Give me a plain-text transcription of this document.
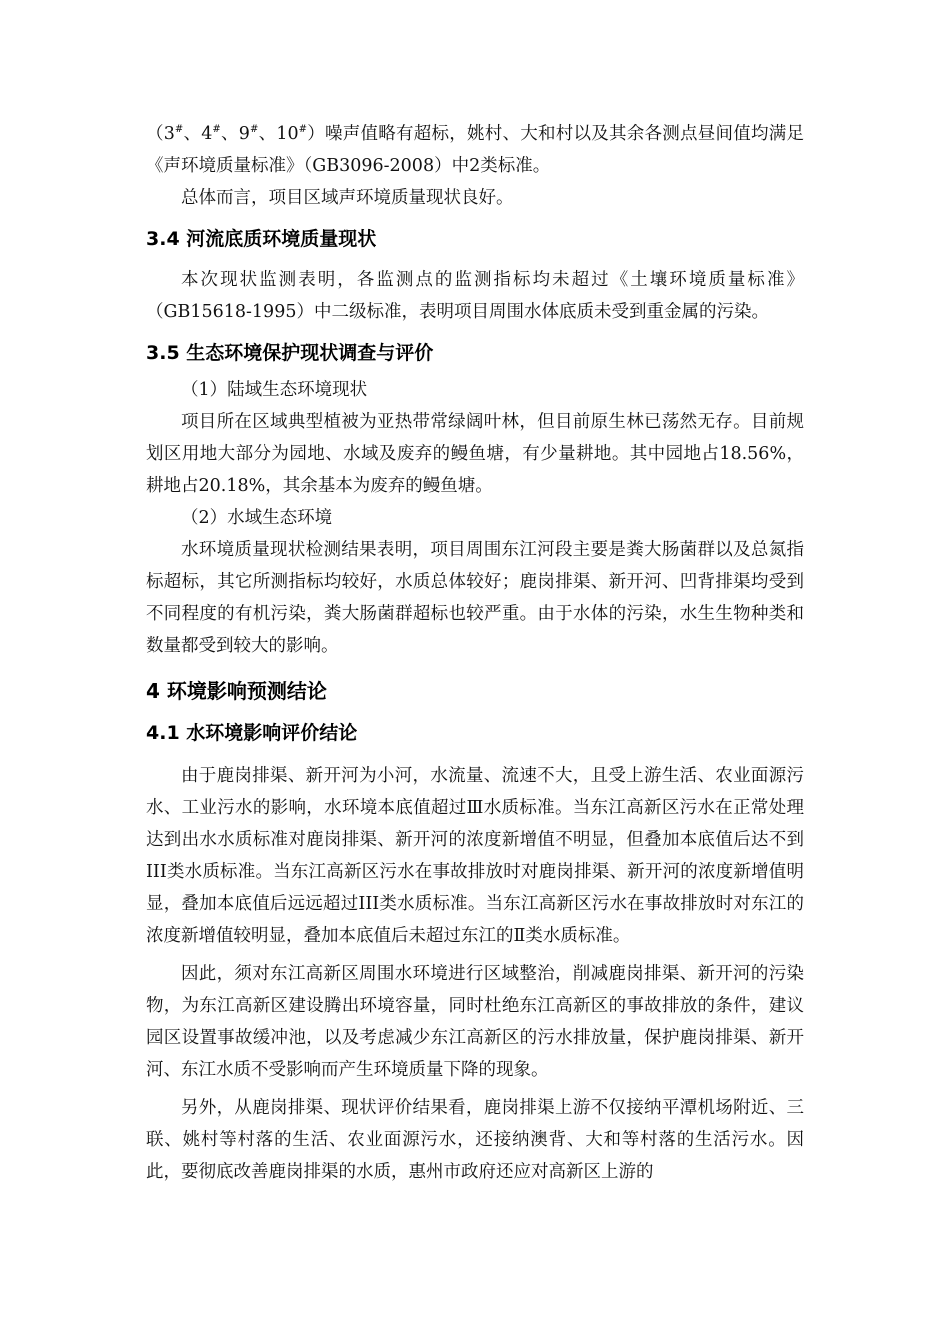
（3#、4#、9#、10#）噪声值略有超标，姚村、大和村以及其余各测点昼间值均满足《声环境质量标准》（GB3096-2008）中2类标准。

总体而言，项目区域声环境质量现状良好。

3.4 河流底质环境质量现状

本次现状监测表明，各监测点的监测指标均未超过《土壤环境质量标准》（GB15618-1995）中二级标准，表明项目周围水体底质未受到重金属的污染。

3.5 生态环境保护现状调查与评价

（1）陆域生态环境现状

项目所在区域典型植被为亚热带常绿阔叶林，但目前原生林已荡然无存。目前规划区用地大部分为园地、水域及废弃的鳗鱼塘，有少量耕地。其中园地占18.56%，耕地占20.18%，其余基本为废弃的鳗鱼塘。

（2）水域生态环境

水环境质量现状检测结果表明，项目周围东江河段主要是粪大肠菌群以及总氮指标超标，其它所测指标均较好，水质总体较好；鹿岗排渠、新开河、凹背排渠均受到不同程度的有机污染，粪大肠菌群超标也较严重。由于水体的污染，水生生物种类和数量都受到较大的影响。

4 环境影响预测结论
4.1 水环境影响评价结论

由于鹿岗排渠、新开河为小河，水流量、流速不大，且受上游生活、农业面源污水、工业污水的影响，水环境本底值超过Ⅲ水质标准。当东江高新区污水在正常处理达到出水水质标准对鹿岗排渠、新开河的浓度新增值不明显，但叠加本底值后达不到III类水质标准。当东江高新区污水在事故排放时对鹿岗排渠、新开河的浓度新增值明显，叠加本底值后远远超过III类水质标准。当东江高新区污水在事故排放时对东江的浓度新增值较明显，叠加本底值后未超过东江的Ⅱ类水质标准。

因此，须对东江高新区周围水环境进行区域整治，削减鹿岗排渠、新开河的污染物，为东江高新区建设腾出环境容量，同时杜绝东江高新区的事故排放的条件，建议园区设置事故缓冲池，以及考虑减少东江高新区的污水排放量，保护鹿岗排渠、新开河、东江水质不受影响而产生环境质量下降的现象。

另外，从鹿岗排渠、现状评价结果看，鹿岗排渠上游不仅接纳平潭机场附近、三联、姚村等村落的生活、农业面源污水，还接纳澳背、大和等村落的生活污水。因此，要彻底改善鹿岗排渠的水质，惠州市政府还应对高新区上游的
